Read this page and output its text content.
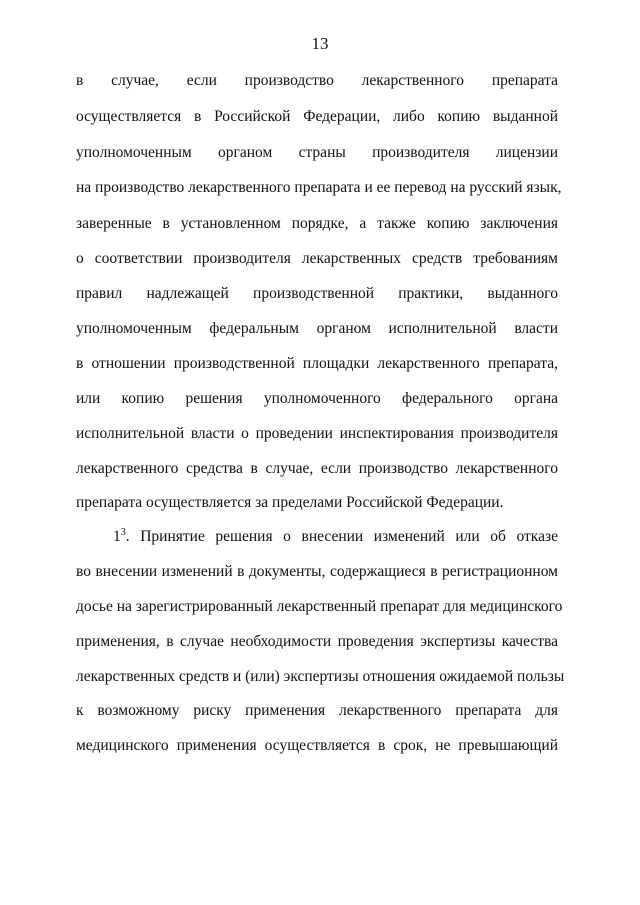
13
в случае, если производство лекарственного препарата
осуществляется в Российской Федерации, либо копию выданной
уполномоченным органом страны производителя лицензии
на производство лекарственного препарата и ее перевод на русский язык,
заверенные в установленном порядке, а также копию заключения
о соответствии производителя лекарственных средств требованиям
правил надлежащей производственной практики, выданного
уполномоченным федеральным органом исполнительной власти
в отношении производственной площадки лекарственного препарата,
или копию решения уполномоченного федерального органа
исполнительной власти о проведении инспектирования производителя
лекарственного средства в случае, если производство лекарственного
препарата осуществляется за пределами Российской Федерации.
$1^3$. Принятие решения о внесении изменений или об отказе
во внесении изменений в документы, содержащиеся в регистрационном
досье на зарегистрированный лекарственный препарат для медицинского
применения, в случае необходимости проведения экспертизы качества
лекарственных средств и (или) экспертизы отношения ожидаемой пользы
к возможному риску применения лекарственного препарата для
медицинского применения осуществляется в срок, не превышающий
